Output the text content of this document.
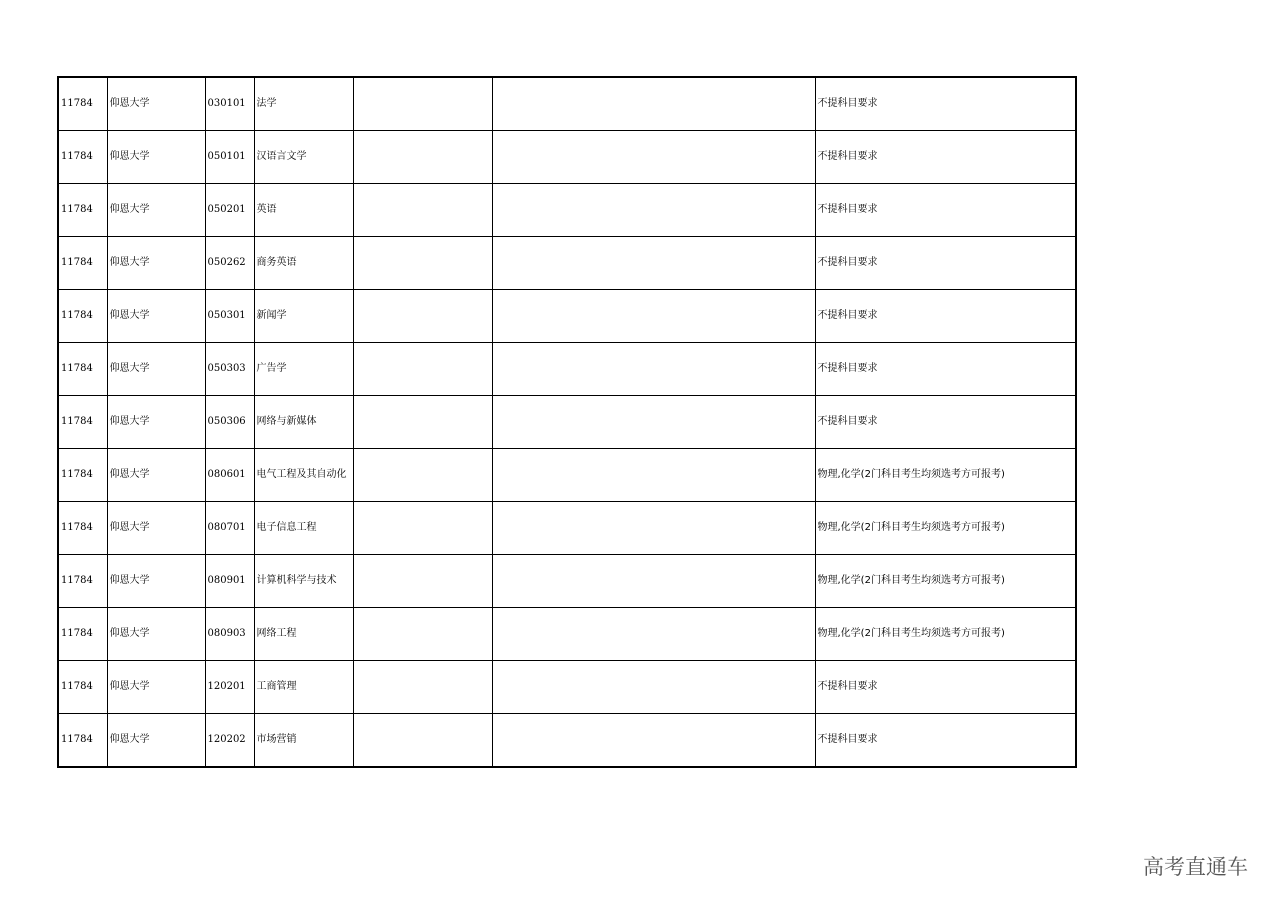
11784	仰恩大学	030101	法学			不提科目要求
11784	仰恩大学	050101	汉语言文学			不提科目要求
11784	仰恩大学	050201	英语			不提科目要求
11784	仰恩大学	050262	商务英语			不提科目要求
11784	仰恩大学	050301	新闻学			不提科目要求
11784	仰恩大学	050303	广告学			不提科目要求
11784	仰恩大学	050306	网络与新媒体			不提科目要求
11784	仰恩大学	080601	电气工程及其自动化			物理,化学(2门科目考生均须选考方可报考)
11784	仰恩大学	080701	电子信息工程			物理,化学(2门科目考生均须选考方可报考)
11784	仰恩大学	080901	计算机科学与技术			物理,化学(2门科目考生均须选考方可报考)
11784	仰恩大学	080903	网络工程			物理,化学(2门科目考生均须选考方可报考)
11784	仰恩大学	120201	工商管理			不提科目要求
11784	仰恩大学	120202	市场营销			不提科目要求
高考直通车
